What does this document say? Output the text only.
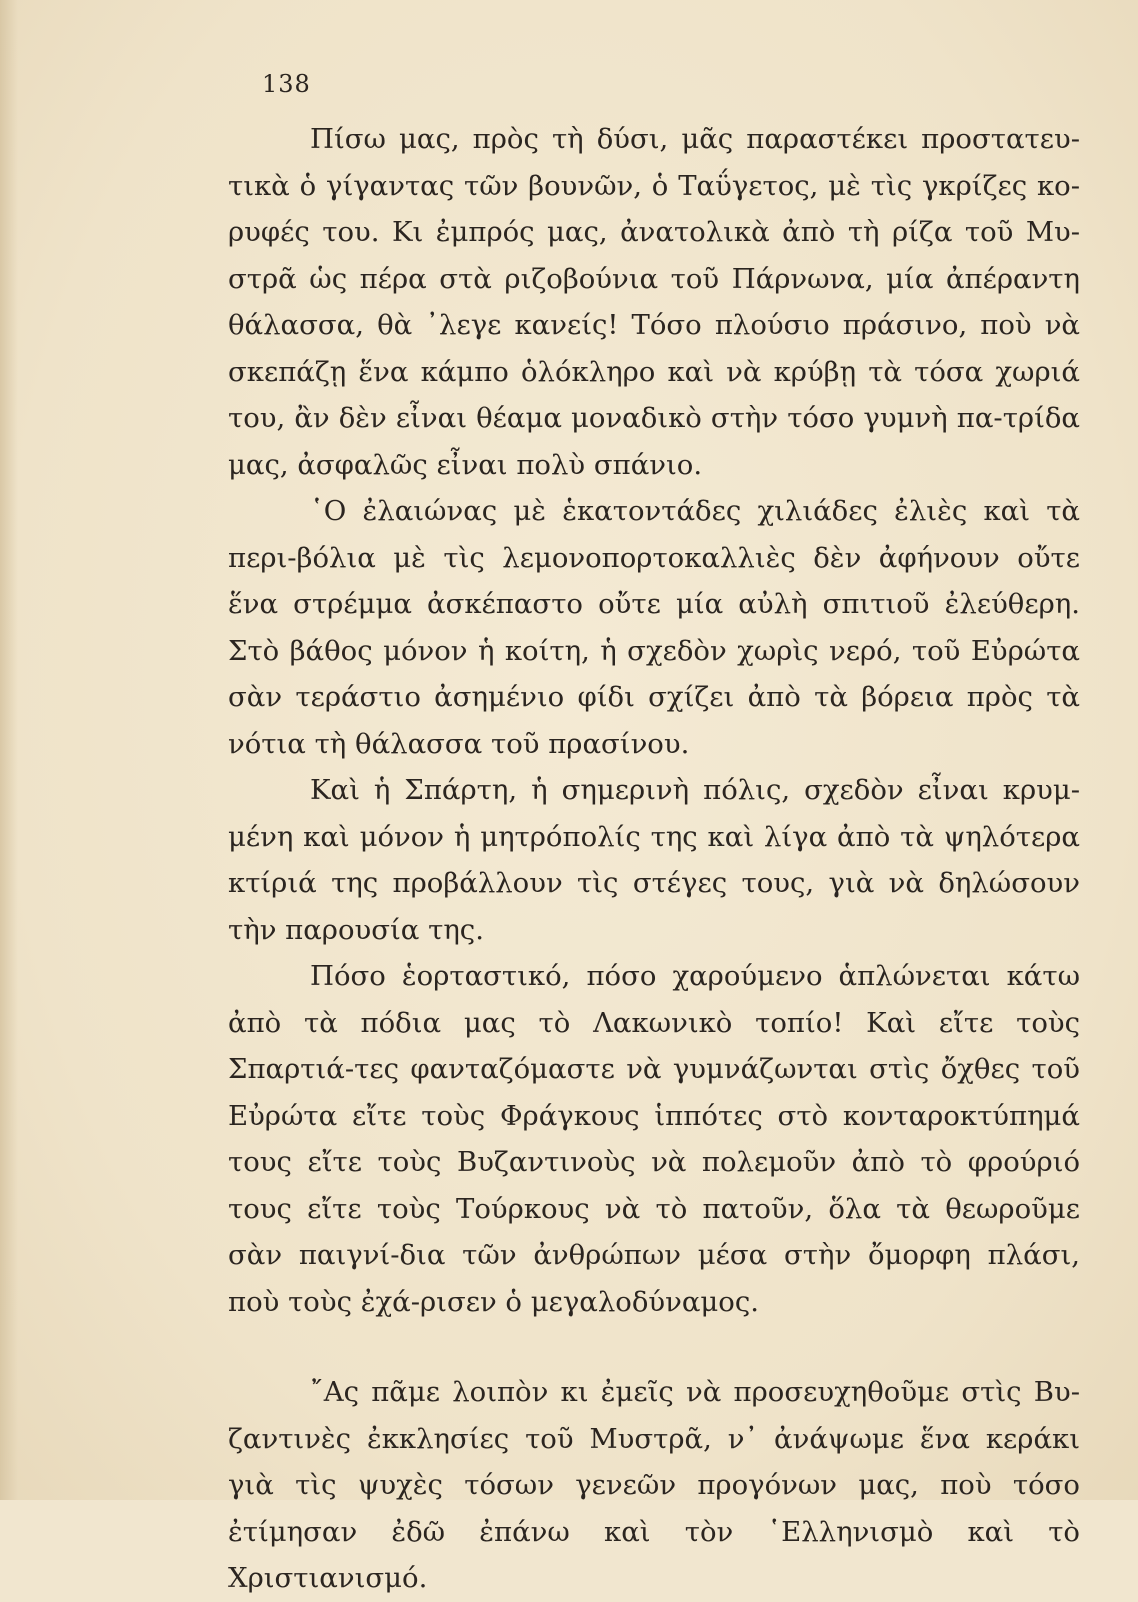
138

Πίσω μας, πρὸς τὴ δύσι, μᾶς παραστέκει προστατευ-τικὰ ὁ γίγαντας τῶν βουνῶν, ὁ Ταΰγετος, μὲ τὶς γκρίζες κο-ρυφές του. Κι ἐμπρός μας, ἀνατολικὰ ἀπὸ τὴ ρίζα τοῦ Μυ-στρᾶ ὡς πέρα στὰ ριζοβούνια τοῦ Πάρνωνα, μία ἀπέραντη θάλασσα, θὰ ᾽λεγε κανείς! Τόσο πλούσιο πράσινο, ποὺ νὰ σκεπάζῃ ἕνα κάμπο ὁλόκληρο καὶ νὰ κρύβῃ τὰ τόσα χωριά του, ἂν δὲν εἶναι θέαμα μοναδικὸ στὴν τόσο γυμνὴ πα-τρίδα μας, ἀσφαλῶς εἶναι πολὺ σπάνιο.

῾Ο ἐλαιώνας μὲ ἑκατοντάδες χιλιάδες ἐλιὲς καὶ τὰ περι-βόλια μὲ τὶς λεμονοπορτοκαλλιὲς δὲν ἀφήνουν οὔτε ἕνα στρέμμα ἀσκέπαστο οὔτε μία αὐλὴ σπιτιοῦ ἐλεύθερη. Στὸ βάθος μόνον ἡ κοίτη, ἡ σχεδὸν χωρὶς νερό, τοῦ Εὐρώτα σὰν τεράστιο ἀσημένιο φίδι σχίζει ἀπὸ τὰ βόρεια πρὸς τὰ νότια τὴ θάλασσα τοῦ πρασίνου.

Καὶ ἡ Σπάρτη, ἡ σημερινὴ πόλις, σχεδὸν εἶναι κρυμ-μένη καὶ μόνον ἡ μητρόπολίς της καὶ λίγα ἀπὸ τὰ ψηλότερα κτίριά της προβάλλουν τὶς στέγες τους, γιὰ νὰ δηλώσουν τὴν παρουσία της.

Πόσο ἑορταστικό, πόσο χαρούμενο ἁπλώνεται κάτω ἀπὸ τὰ πόδια μας τὸ Λακωνικὸ τοπίο! Καὶ εἴτε τοὺς Σπαρτιά-τες φανταζόμαστε νὰ γυμνάζωνται στὶς ὄχθες τοῦ Εὐρώτα εἴτε τοὺς Φράγκους ἱππότες στὸ κονταροκτύπημά τους εἴτε τοὺς Βυζαντινοὺς νὰ πολεμοῦν ἀπὸ τὸ φρούριό τους εἴτε τοὺς Τούρκους νὰ τὸ πατοῦν, ὅλα τὰ θεωροῦμε σὰν παιγνί-δια τῶν ἀνθρώπων μέσα στὴν ὄμορφη πλάσι, ποὺ τοὺς ἐχά-ρισεν ὁ μεγαλοδύναμος.

῎Ας πᾶμε λοιπὸν κι ἐμεῖς νὰ προσευχηθοῦμε στὶς Βυ-ζαντινὲς ἐκκλησίες τοῦ Μυστρᾶ, ν᾽ ἀνάψωμε ἕνα κεράκι γιὰ τὶς ψυχὲς τόσων γενεῶν προγόνων μας, ποὺ τόσο ἐτίμησαν ἐδῶ ἐπάνω καὶ τὸν ῾Ελληνισμὸ καὶ τὸ Χριστιανισμό.
